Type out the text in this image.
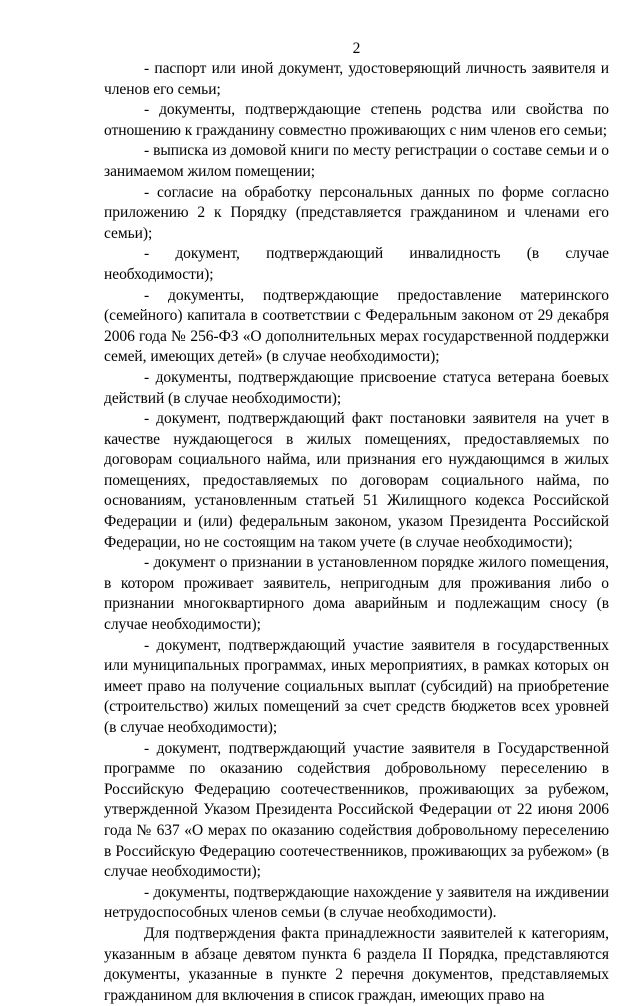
2

- паспорт или иной документ, удостоверяющий личность заявителя и членов его семьи;

- документы, подтверждающие степень родства или свойства по отношению к гражданину совместно проживающих с ним членов его семьи;

- выписка из домовой книги по месту регистрации о составе семьи и о занимаемом жилом помещении;

- согласие на обработку персональных данных по форме согласно приложению 2 к Порядку (представляется гражданином и членами его семьи);

- документ, подтверждающий инвалидность (в случае необходимости);

- документы, подтверждающие предоставление материнского (семейного) капитала в соответствии с Федеральным законом от 29 декабря 2006 года № 256-ФЗ «О дополнительных мерах государственной поддержки семей, имеющих детей» (в случае необходимости);

- документы, подтверждающие присвоение статуса ветерана боевых действий (в случае необходимости);

- документ, подтверждающий факт постановки заявителя на учет в качестве нуждающегося в жилых помещениях, предоставляемых по договорам социального найма, или признания его нуждающимся в жилых помещениях, предоставляемых по договорам социального найма, по основаниям, установленным статьей 51 Жилищного кодекса Российской Федерации и (или) федеральным законом, указом Президента Российской Федерации, но не состоящим на таком учете (в случае необходимости);

- документ о признании в установленном порядке жилого помещения, в котором проживает заявитель, непригодным для проживания либо о признании многоквартирного дома аварийным и подлежащим сносу (в случае необходимости);

- документ, подтверждающий участие заявителя в государственных или муниципальных программах, иных мероприятиях, в рамках которых он имеет право на получение социальных выплат (субсидий) на приобретение (строительство) жилых помещений за счет средств бюджетов всех уровней (в случае необходимости);

- документ, подтверждающий участие заявителя в Государственной программе по оказанию содействия добровольному переселению в Российскую Федерацию соотечественников, проживающих за рубежом, утвержденной Указом Президента Российской Федерации от 22 июня 2006 года № 637 «О мерах по оказанию содействия добровольному переселению в Российскую Федерацию соотечественников, проживающих за рубежом» (в случае необходимости);

- документы, подтверждающие нахождение у заявителя на иждивении нетрудоспособных членов семьи (в случае необходимости).

Для подтверждения факта принадлежности заявителей к категориям, указанным в абзаце девятом пункта 6 раздела II Порядка, представляются документы, указанные в пункте 2 перечня документов, представляемых гражданином для включения в список граждан, имеющих право на
